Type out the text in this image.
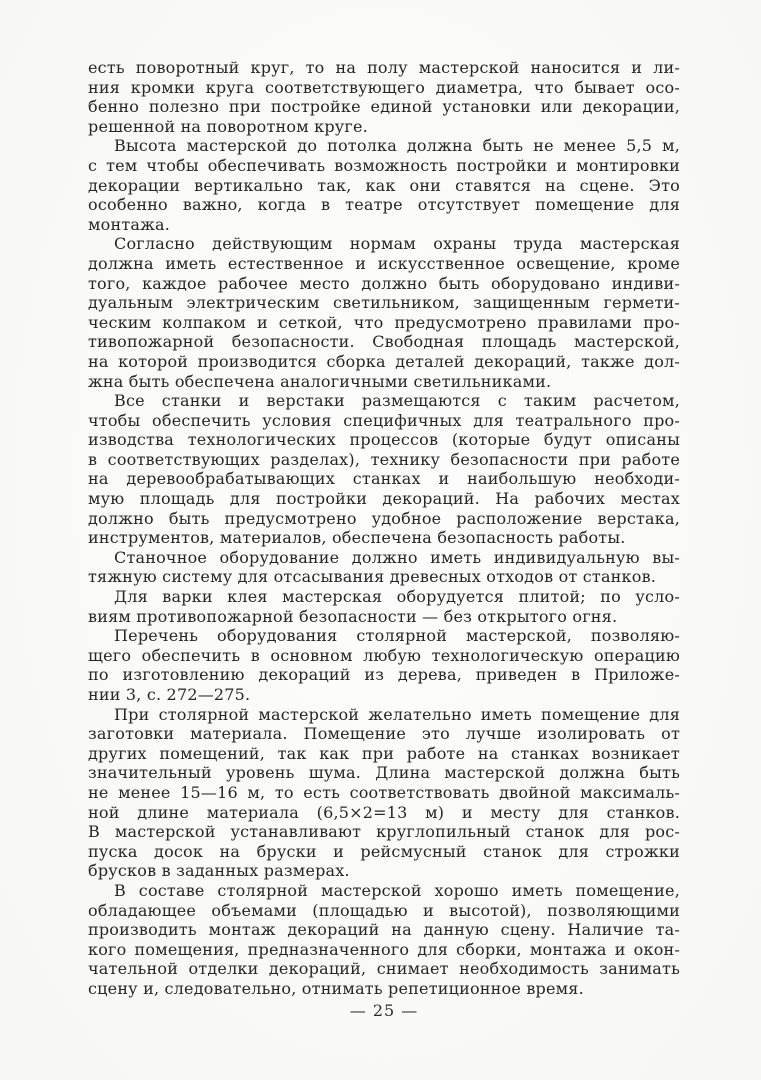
есть поворотный круг, то на полу мастерской наносится и ли-
ния кромки круга соответствующего диаметра, что бывает осо-
бенно полезно при постройке единой установки или декорации,
решенной на поворотном круге.
Высота мастерской до потолка должна быть не менее 5,5 м,
с тем чтобы обеспечивать возможность постройки и монтировки
декорации вертикально так, как они ставятся на сцене. Это
особенно важно, когда в театре отсутствует помещение для
монтажа.
Согласно действующим нормам охраны труда мастерская
должна иметь естественное и искусственное освещение, кроме
того, каждое рабочее место должно быть оборудовано индиви-
дуальным электрическим светильником, защищенным гермети-
ческим колпаком и сеткой, что предусмотрено правилами про-
тивопожарной безопасности. Свободная площадь мастерской,
на которой производится сборка деталей декораций, также дол-
жна быть обеспечена аналогичными светильниками.
Все станки и верстаки размещаются с таким расчетом,
чтобы обеспечить условия специфичных для театрального про-
изводства технологических процессов (которые будут описаны
в соответствующих разделах), технику безопасности при работе
на деревообрабатывающих станках и наибольшую необходи-
мую площадь для постройки декораций. На рабочих местах
должно быть предусмотрено удобное расположение верстака,
инструментов, материалов, обеспечена безопасность работы.
Станочное оборудование должно иметь индивидуальную вы-
тяжную систему для отсасывания древесных отходов от станков.
Для варки клея мастерская оборудуется плитой; по усло-
виям противопожарной безопасности — без открытого огня.
Перечень оборудования столярной мастерской, позволяю-
щего обеспечить в основном любую технологическую операцию
по изготовлению декораций из дерева, приведен в Приложе-
нии 3, с. 272—275.
При столярной мастерской желательно иметь помещение для
заготовки материала. Помещение это лучше изолировать от
других помещений, так как при работе на станках возникает
значительный уровень шума. Длина мастерской должна быть
не менее 15—16 м, то есть соответствовать двойной максималь-
ной длине материала (6,5×2=13 м) и месту для станков.
В мастерской устанавливают круглопильный станок для рос-
пуска досок на бруски и рейсмусный станок для строжки
брусков в заданных размерах.
В составе столярной мастерской хорошо иметь помещение,
обладающее объемами (площадью и высотой), позволяющими
производить монтаж декораций на данную сцену. Наличие та-
кого помещения, предназначенного для сборки, монтажа и окон-
чательной отделки декораций, снимает необходимость занимать
сцену и, следовательно, отнимать репетиционное время.
— 25 —
